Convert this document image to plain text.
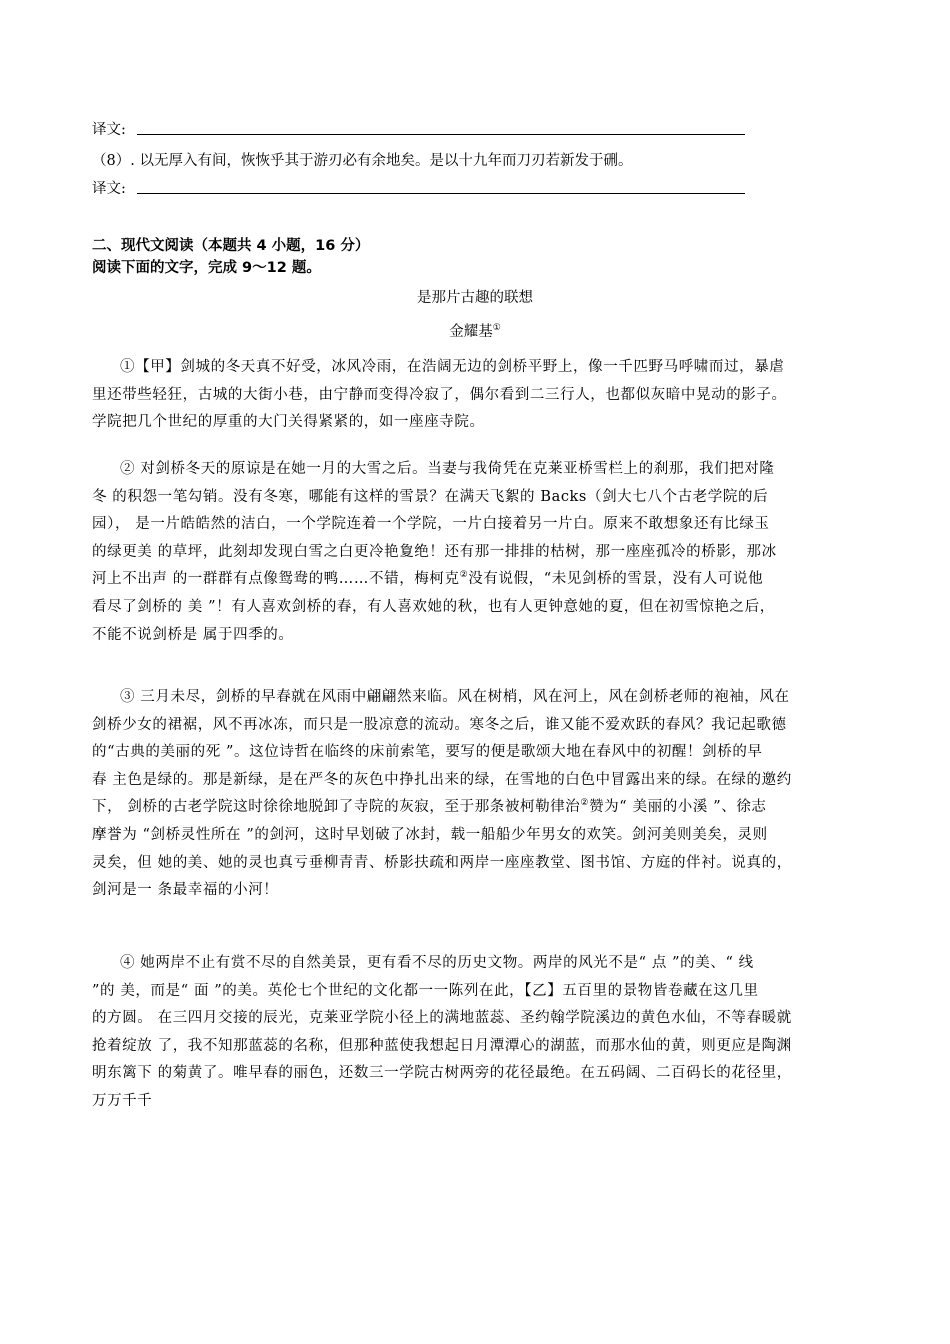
译文:
（8）. 以无厚入有间，恢恢乎其于游刃必有余地矣。是以十九年而刀刃若新发于硎。
译文:
二、现代文阅读（本题共 4 小题，16 分）
阅读下面的文字，完成 9～12 题。
是那片古趣的联想
金耀基①
①【甲】剑城的冬天真不好受，冰风冷雨，在浩阔无边的剑桥平野上，像一千匹野马呼啸而过，暴虐
里还带些轻狂，古城的大街小巷，由宁静而变得冷寂了，偶尔看到二三行人，也都似灰暗中晃动的影子。
学院把几个世纪的厚重的大门关得紧紧的，如一座座寺院。
② 对剑桥冬天的原谅是在她一月的大雪之后。当妻与我倚凭在克莱亚桥雪栏上的刹那，我们把对隆
冬 的积怨一笔勾销。没有冬寒，哪能有这样的雪景？在满天飞絮的 Backs（剑大七八个古老学院的后
园）， 是一片皓皓然的洁白，一个学院连着一个学院，一片白接着另一片白。原来不敢想象还有比绿玉
的绿更美 的草坪，此刻却发现白雪之白更冷艳夐绝！还有那一排排的枯树，那一座座孤冷的桥影，那冰
河上不出声 的一群群有点像鸳鸯的鸭……不错，梅柯克②没有说假，“未见剑桥的雪景，没有人可说他
看尽了剑桥的 美 ”！有人喜欢剑桥的春，有人喜欢她的秋，也有人更钟意她的夏，但在初雪惊艳之后，
不能不说剑桥是 属于四季的。
③ 三月未尽，剑桥的早春就在风雨中翩翩然来临。风在树梢，风在河上，风在剑桥老师的袍袖，风在
剑桥少女的裙裾，风不再冰冻，而只是一股凉意的流动。寒冬之后，谁又能不爱欢跃的春风？我记起歌德
的“古典的美丽的死 ”。这位诗哲在临终的床前索笔，要写的便是歌颂大地在春风中的初醒！剑桥的早
春 主色是绿的。那是新绿，是在严冬的灰色中挣扎出来的绿，在雪地的白色中冒露出来的绿。在绿的邀约
下， 剑桥的古老学院这时徐徐地脱卸了寺院的灰寂，至于那条被柯勒律治②赞为“ 美丽的小溪 ”、徐志
摩誉为 “剑桥灵性所在 ”的剑河，这时早划破了冰封，载一船船少年男女的欢笑。剑河美则美矣，灵则
灵矣，但 她的美、她的灵也真亏垂柳青青、桥影扶疏和两岸一座座教堂、图书馆、方庭的伴衬。说真的，
剑河是一 条最幸福的小河！
④ 她两岸不止有赏不尽的自然美景，更有看不尽的历史文物。两岸的风光不是“ 点 ”的美、“ 线
”的 美，而是“ 面 ”的美。英伦七个世纪的文化都一一陈列在此，【乙】五百里的景物皆卷藏在这几里
的方圆。 在三四月交接的辰光，克莱亚学院小径上的满地蓝蕊、圣约翰学院溪边的黄色水仙，不等春暖就
抢着绽放 了，我不知那蓝蕊的名称，但那种蓝使我想起日月潭潭心的湖蓝，而那水仙的黄，则更应是陶渊
明东篱下 的菊黄了。唯早春的丽色，还数三一学院古树两旁的花径最绝。在五码阔、二百码长的花径里，
万万千千
